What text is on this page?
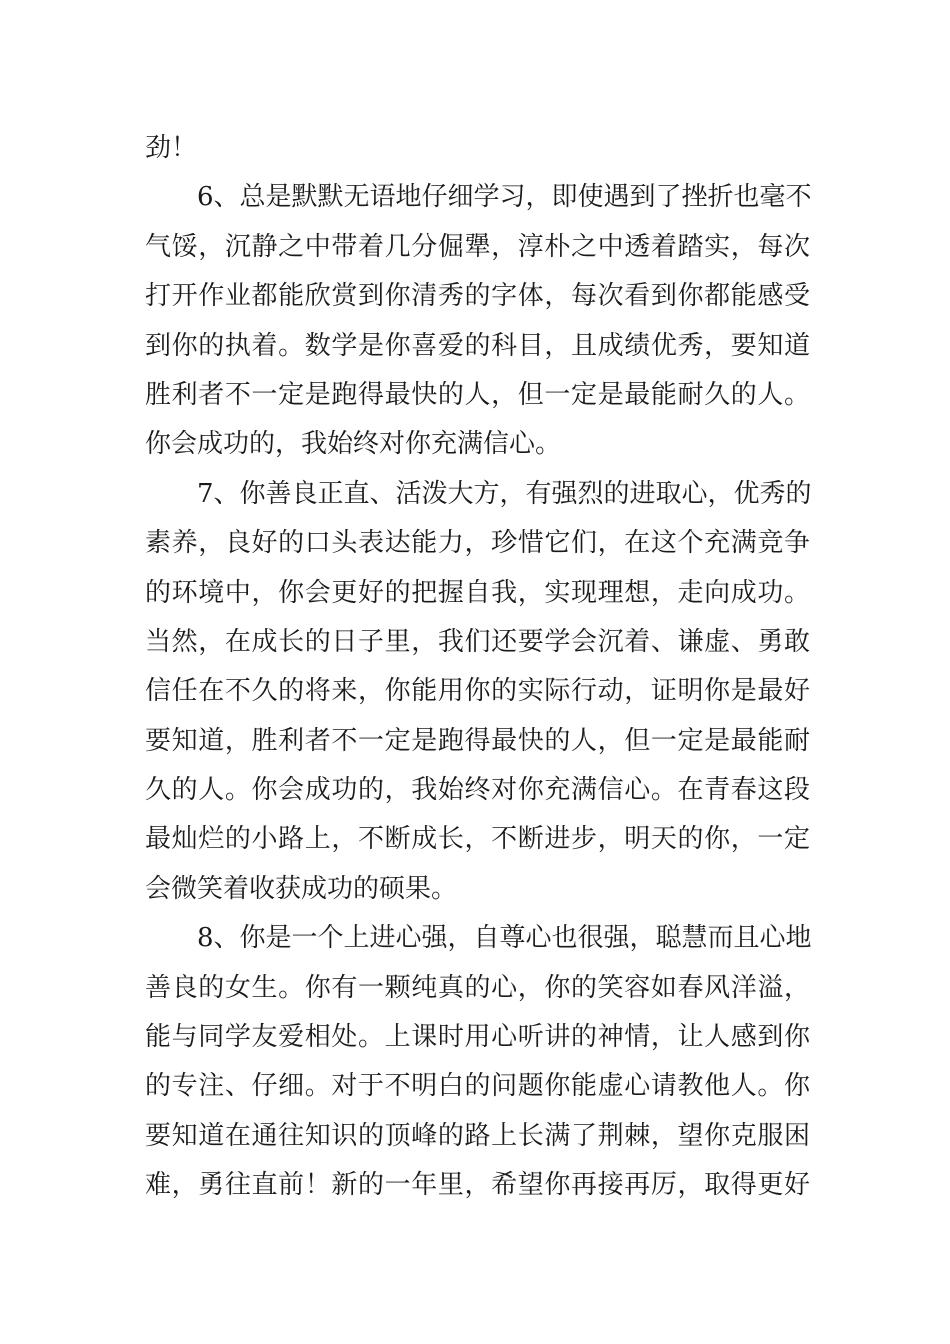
劲！
6、总是默默无语地仔细学习，即使遇到了挫折也毫不
气馁，沉静之中带着几分倔犟，淳朴之中透着踏实，每次
打开作业都能欣赏到你清秀的字体，每次看到你都能感受
到你的执着。数学是你喜爱的科目，且成绩优秀，要知道
胜利者不一定是跑得最快的人，但一定是最能耐久的人。
你会成功的，我始终对你充满信心。
7、你善良正直、活泼大方，有强烈的进取心，优秀的
素养，良好的口头表达能力，珍惜它们，在这个充满竞争
的环境中，你会更好的把握自我，实现理想，走向成功。
当然，在成长的日子里，我们还要学会沉着、谦虚、勇敢
信任在不久的将来，你能用你的实际行动，证明你是最好
要知道，胜利者不一定是跑得最快的人，但一定是最能耐
久的人。你会成功的，我始终对你充满信心。在青春这段
最灿烂的小路上，不断成长，不断进步，明天的你，一定
会微笑着收获成功的硕果。
8、你是一个上进心强，自尊心也很强，聪慧而且心地
善良的女生。你有一颗纯真的心，你的笑容如春风洋溢，
能与同学友爱相处。上课时用心听讲的神情，让人感到你
的专注、仔细。对于不明白的问题你能虚心请教他人。你
要知道在通往知识的顶峰的路上长满了荆棘，望你克服困
难，勇往直前！新的一年里，希望你再接再厉，取得更好
